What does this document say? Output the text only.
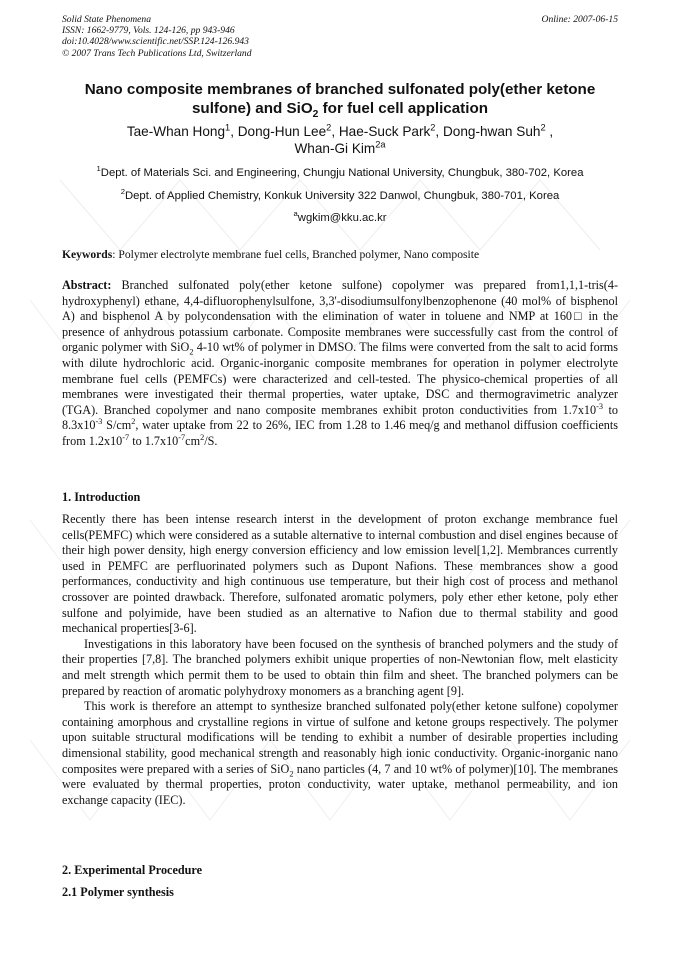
Solid State Phenomena
ISSN: 1662-9779, Vols. 124-126, pp 943-946
doi:10.4028/www.scientific.net/SSP.124-126.943
© 2007 Trans Tech Publications Ltd, Switzerland
Online: 2007-06-15
Nano composite membranes of branched sulfonated poly(ether ketone
sulfone) and SiO$_2$ for fuel cell application
Tae-Whan Hong$^1$, Dong-Hun Lee$^2$, Hae-Suck Park$^2$, Dong-hwan Suh$^2$ ,
Whan-Gi Kim$^{2a}$
$^1$Dept. of Materials Sci. and Engineering, Chungju National University, Chungbuk, 380-702, Korea
$^2$Dept. of Applied Chemistry, Konkuk University 322 Danwol, Chungbuk, 380-701, Korea
$^a$wgkim@kku.ac.kr
Keywords: Polymer electrolyte membrane fuel cells, Branched polymer, Nano composite

Abstract: Branched sulfonated poly(ether ketone sulfone) copolymer was prepared from1,1,1-tris(4-hydroxyphenyl) ethane, 4,4-difluorophenylsulfone, 3,3'-disodiumsulfonylbenzophenone (40 mol% of bisphenol A) and bisphenol A by polycondensation with the elimination of water in toluene and NMP at 160□ in the presence of anhydrous potassium carbonate. Composite membranes were successfully cast from the control of organic polymer with SiO$_2$ 4-10 wt% of polymer in DMSO. The films were converted from the salt to acid forms with dilute hydrochloric acid. Organic-inorganic composite membranes for operation in polymer electrolyte membrane fuel cells (PEMFCs) were characterized and cell-tested. The physico-chemical properties of all membranes were investigated their thermal properties, water uptake, DSC and thermogravimetric analyzer (TGA). Branched copolymer and nano composite membranes exhibit proton conductivities from $1.7x10^{-3}$ to $8.3x10^{-3}$ $S/cm^2$, water uptake from 22 to 26%, IEC from 1.28 to 1.46 meq/g and methanol diffusion coefficients from $1.2x10^{-7}$ to $1.7x10^{-7}cm^2/S$.

1. Introduction

Recently there has been intense research interst in the development of proton exchange membrance fuel cells(PEMFC) which were considered as a sutable alternative to internal combustion and disel engines because of their high power density, high energy conversion efficiency and low emission level[1,2]. Membrances currently used in PEMFC are perfluorinated polymers such as Dupont Nafions. These membrances show a good performances, conductivity and high continuous use temperature, but their high cost of process and methanol crossover are pointed drawback. Therefore, sulfonated aromatic polymers, poly ether ether ketone, poly ether sulfone and polyimide, have been studied as an alternative to Nafion due to thermal stability and good mechanical properties[3-6].

Investigations in this laboratory have been focused on the synthesis of branched polymers and the study of their properties [7,8]. The branched polymers exhibit unique properties of non-Newtonian flow, melt elasticity and melt strength which permit them to be used to obtain thin film and sheet. The branched polymers can be prepared by reaction of aromatic polyhydroxy monomers as a branching agent [9].

This work is therefore an attempt to synthesize branched sulfonated poly(ether ketone sulfone) copolymer containing amorphous and crystalline regions in virtue of sulfone and ketone groups respectively. The polymer upon suitable structural modifications will be tending to exhibit a number of desirable properties including dimensional stability, good mechanical strength and reasonably high ionic conductivity. Organic-inorganic nano composites were prepared with a series of SiO$_2$ nano particles (4, 7 and 10 wt% of polymer)[10]. The membranes were evaluated by thermal properties, proton conductivity, water uptake, methanol permeability, and ion exchange capacity (IEC).

2. Experimental Procedure
2.1 Polymer synthesis
